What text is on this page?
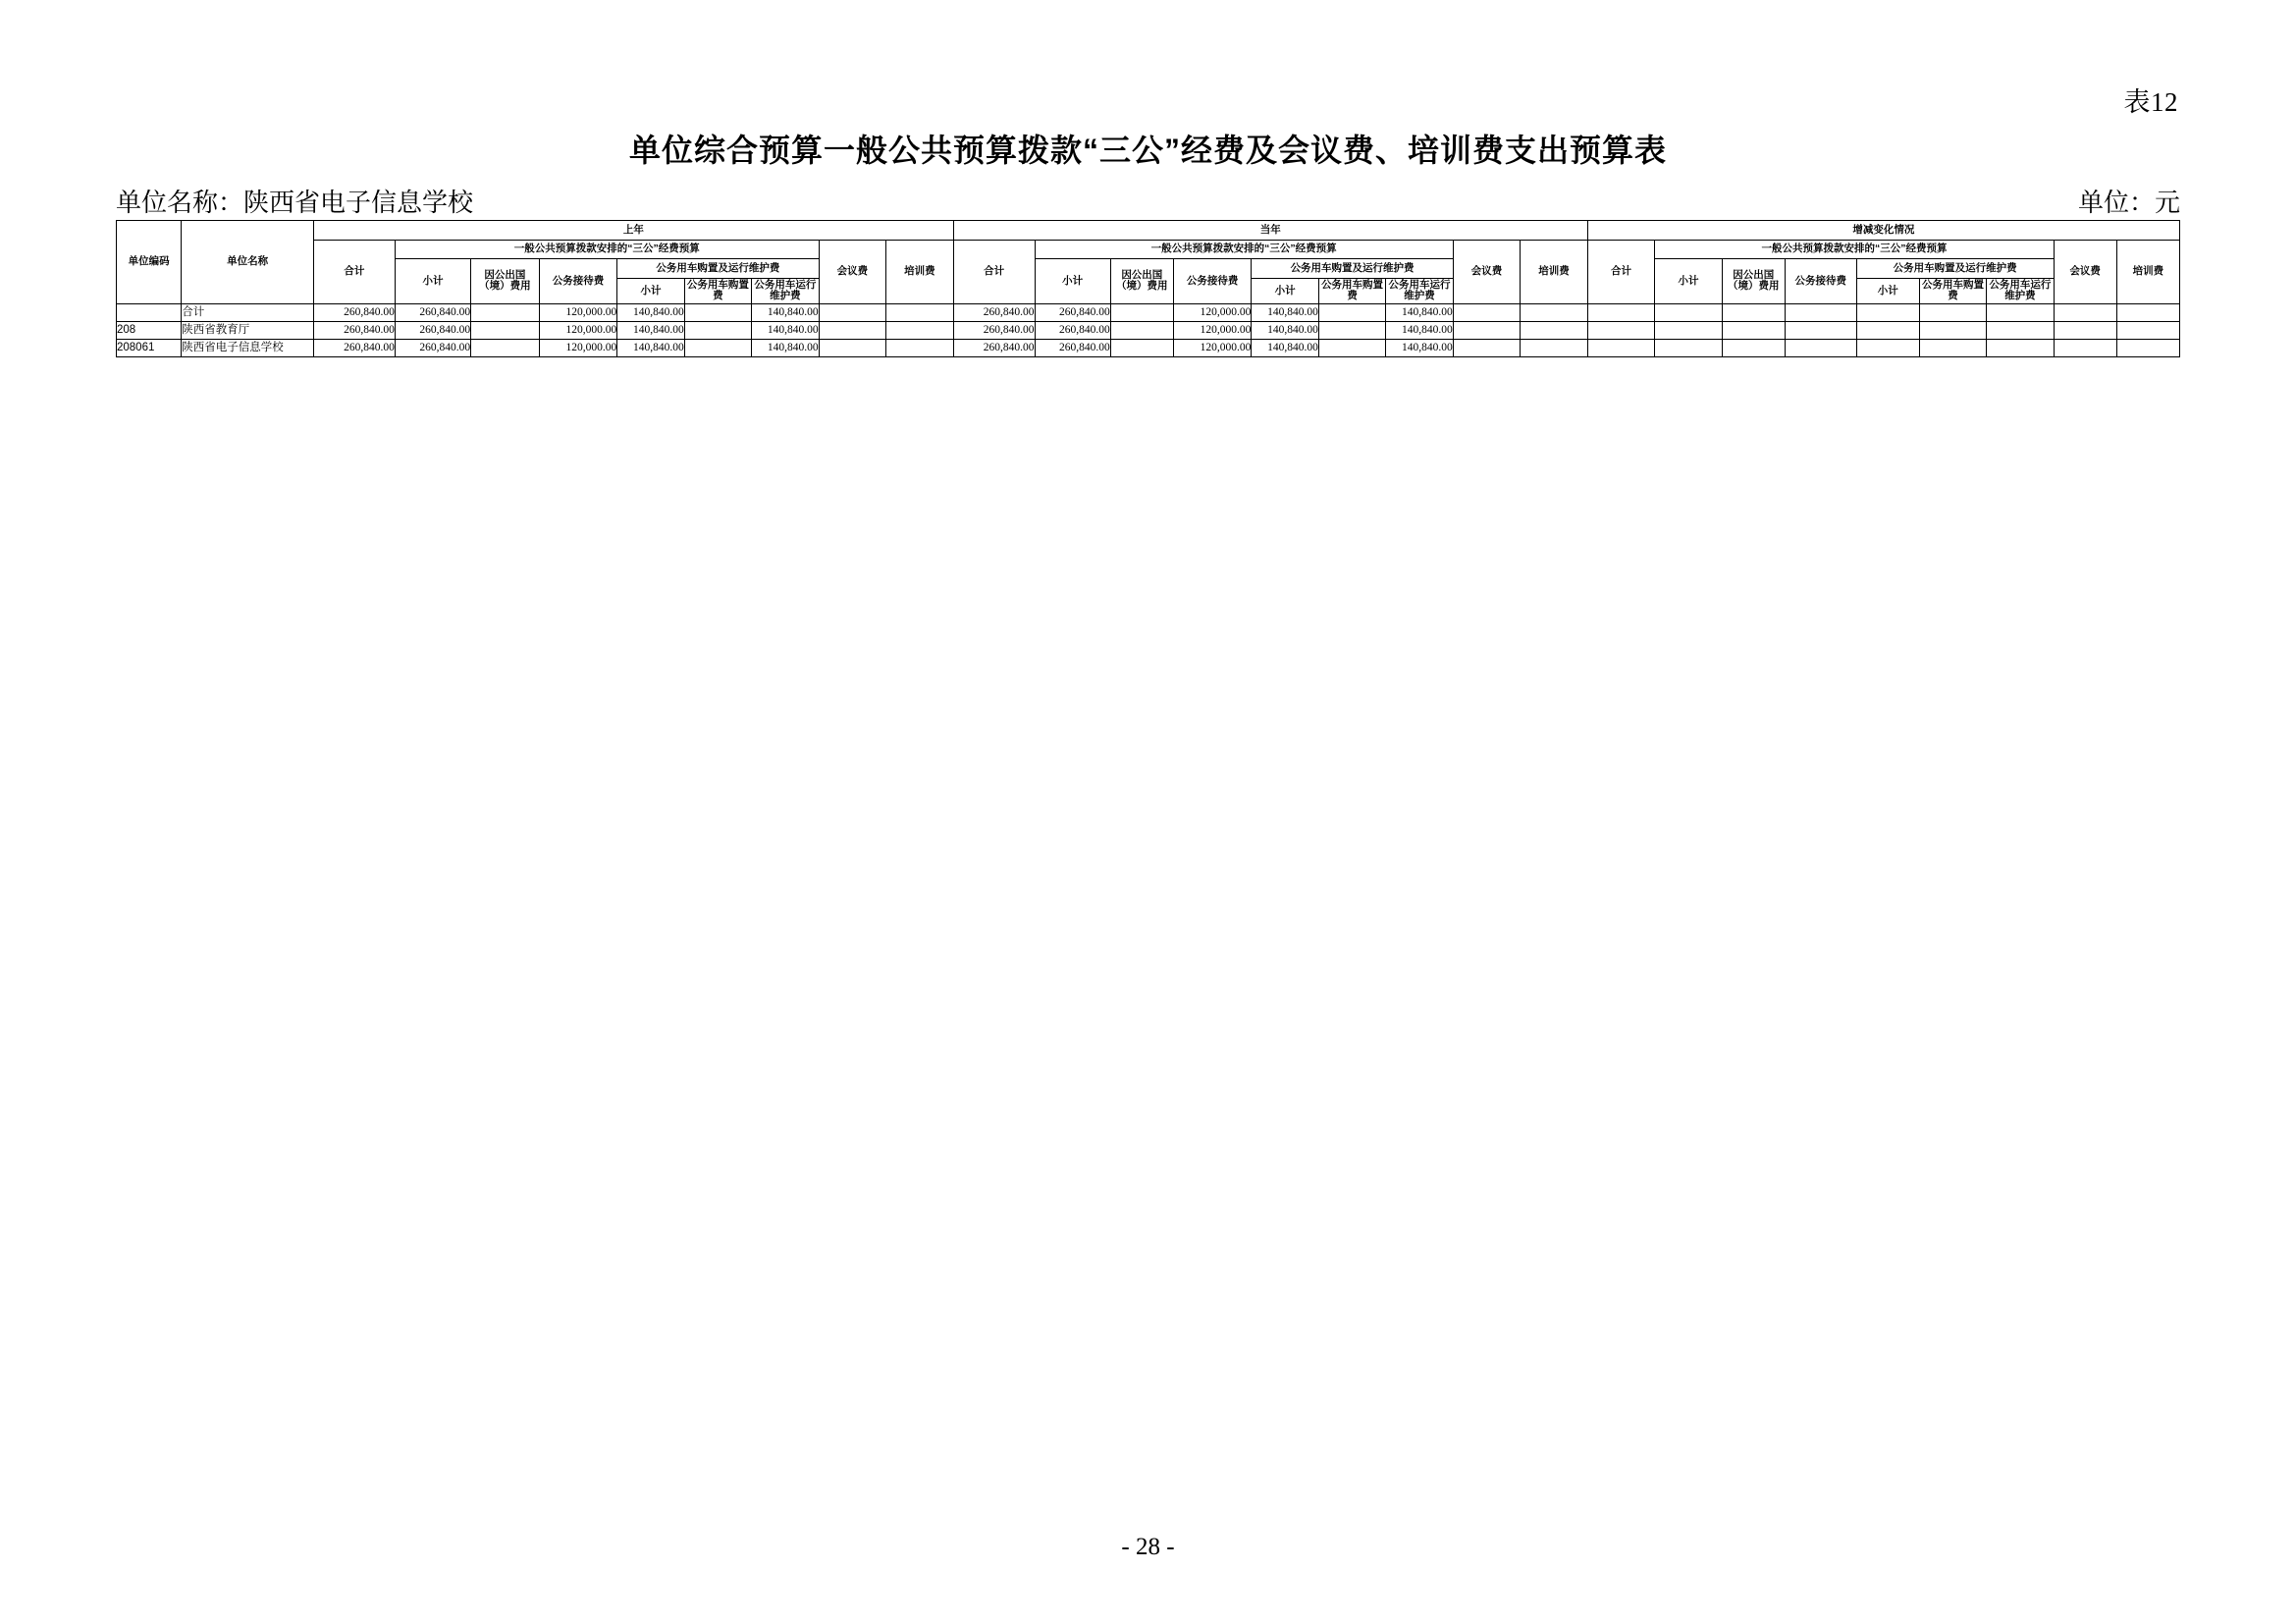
表12
单位综合预算一般公共预算拨款“三公”经费及会议费、培训费支出预算表
单位名称：陕西省电子信息学校	单位：元
单位编码	单位名称	上年									当年									增减变化情况								
		合计	一般公共预算拨款安排的“三公”经费预算						会议费	培训费	合计	一般公共预算拨款安排的“三公”经费预算						会议费	培训费	合计	一般公共预算拨款安排的“三公”经费预算						会议费	培训费
			小计	因公出国（境）费用	公务接待费	公务用车购置及运行维护费						小计	因公出国（境）费用	公务接待费	公务用车购置及运行维护费						小计	因公出国（境）费用	公务接待费	公务用车购置及运行维护费				
						小计	公务用车购置费	公务用车运行维护费							小计	公务用车购置费	公务用车运行维护费							小计	公务用车购置费	公务用车运行维护费		
	合计	260,840.00	260,840.00		120,000.00	140,840.00		140,840.00			260,840.00	260,840.00		120,000.00	140,840.00		140,840.00											
208	陕西省教育厅	260,840.00	260,840.00		120,000.00	140,840.00		140,840.00			260,840.00	260,840.00		120,000.00	140,840.00		140,840.00											
208061	陕西省电子信息学校	260,840.00	260,840.00		120,000.00	140,840.00		140,840.00			260,840.00	260,840.00		120,000.00	140,840.00		140,840.00											
- 28 -
